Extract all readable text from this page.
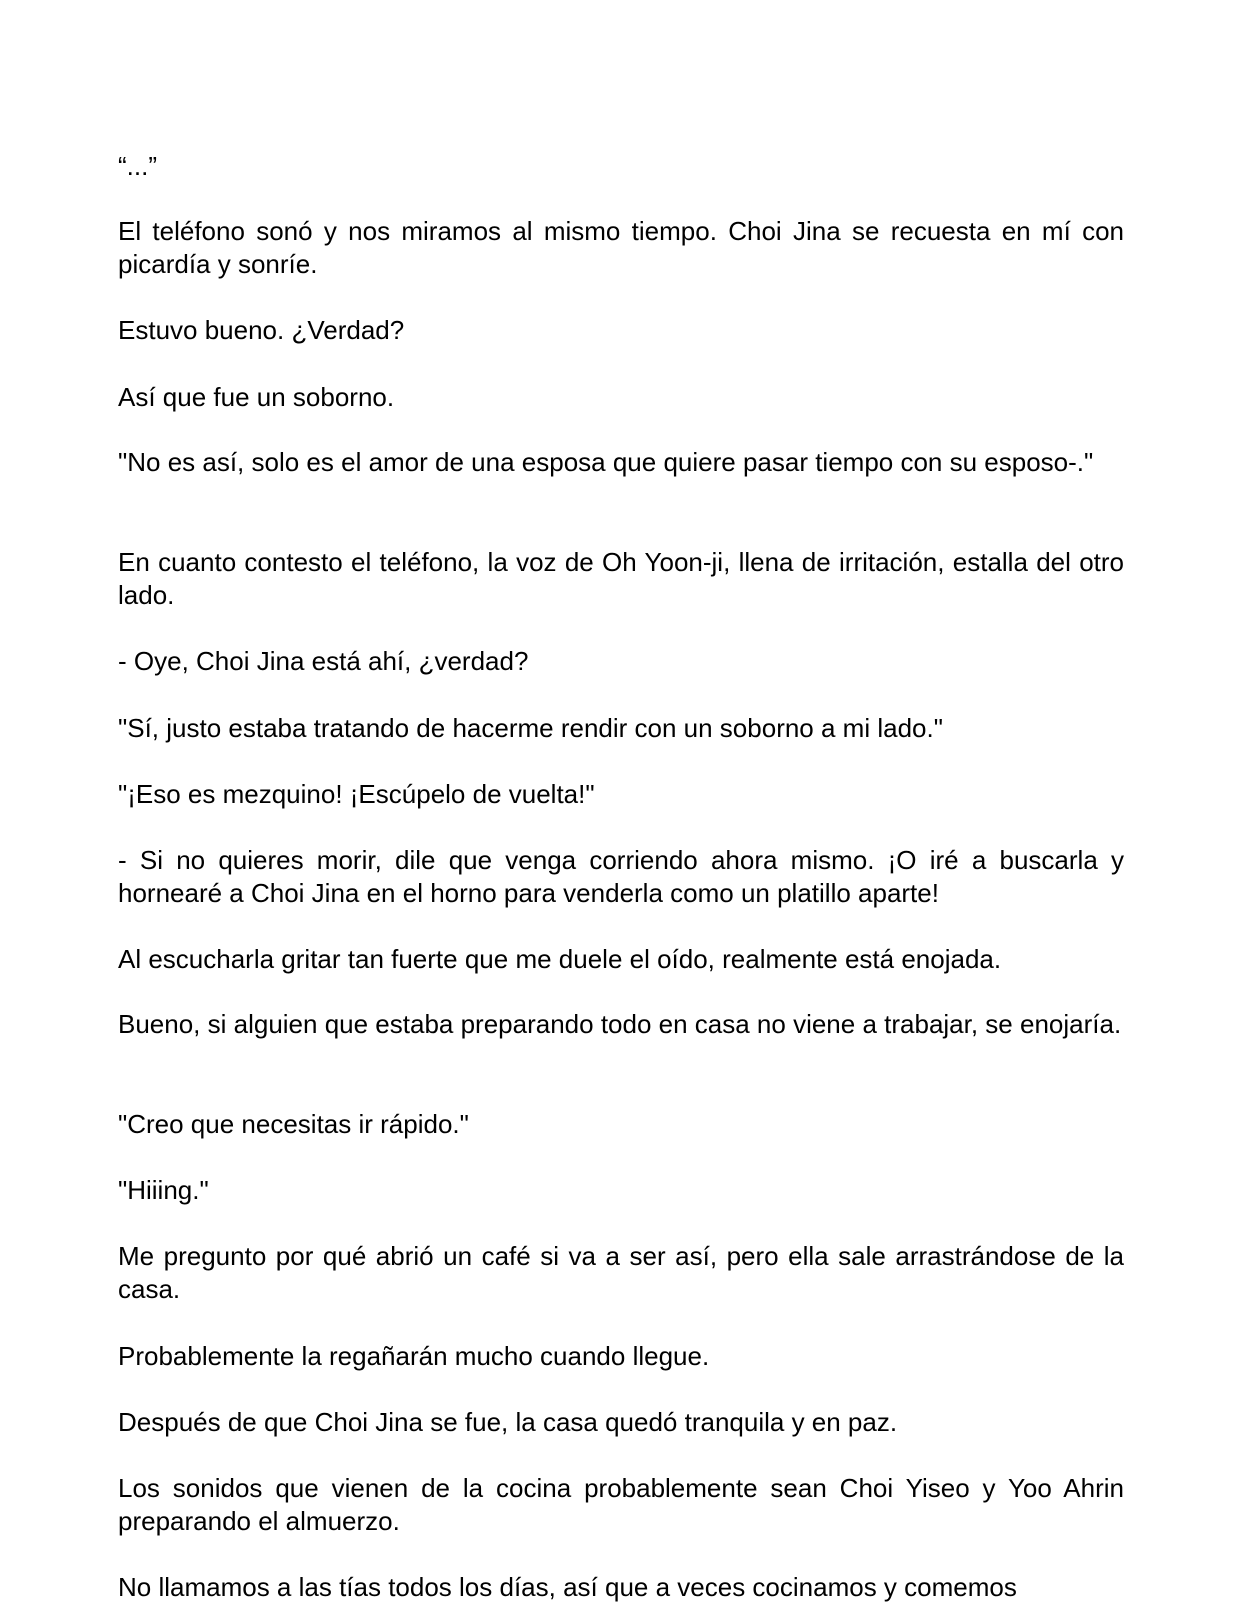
“...”

El teléfono sonó y nos miramos al mismo tiempo. Choi Jina se recuesta en mí con picardía y sonríe.

Estuvo bueno. ¿Verdad?

Así que fue un soborno.

"No es así, solo es el amor de una esposa que quiere pasar tiempo con su esposo-."

En cuanto contesto el teléfono, la voz de Oh Yoon-ji, llena de irritación, estalla del otro lado.

- Oye, Choi Jina está ahí, ¿verdad?

"Sí, justo estaba tratando de hacerme rendir con un soborno a mi lado."

"¡Eso es mezquino! ¡Escúpelo de vuelta!"

- Si no quieres morir, dile que venga corriendo ahora mismo. ¡O iré a buscarla y hornearé a Choi Jina en el horno para venderla como un platillo aparte!

Al escucharla gritar tan fuerte que me duele el oído, realmente está enojada.

Bueno, si alguien que estaba preparando todo en casa no viene a trabajar, se enojaría.

"Creo que necesitas ir rápido."

"Hiiing."

Me pregunto por qué abrió un café si va a ser así, pero ella sale arrastrándose de la casa.

Probablemente la regañarán mucho cuando llegue.

Después de que Choi Jina se fue, la casa quedó tranquila y en paz.

Los sonidos que vienen de la cocina probablemente sean Choi Yiseo y Yoo Ahrin preparando el almuerzo.

No llamamos a las tías todos los días, así que a veces cocinamos y comemos
